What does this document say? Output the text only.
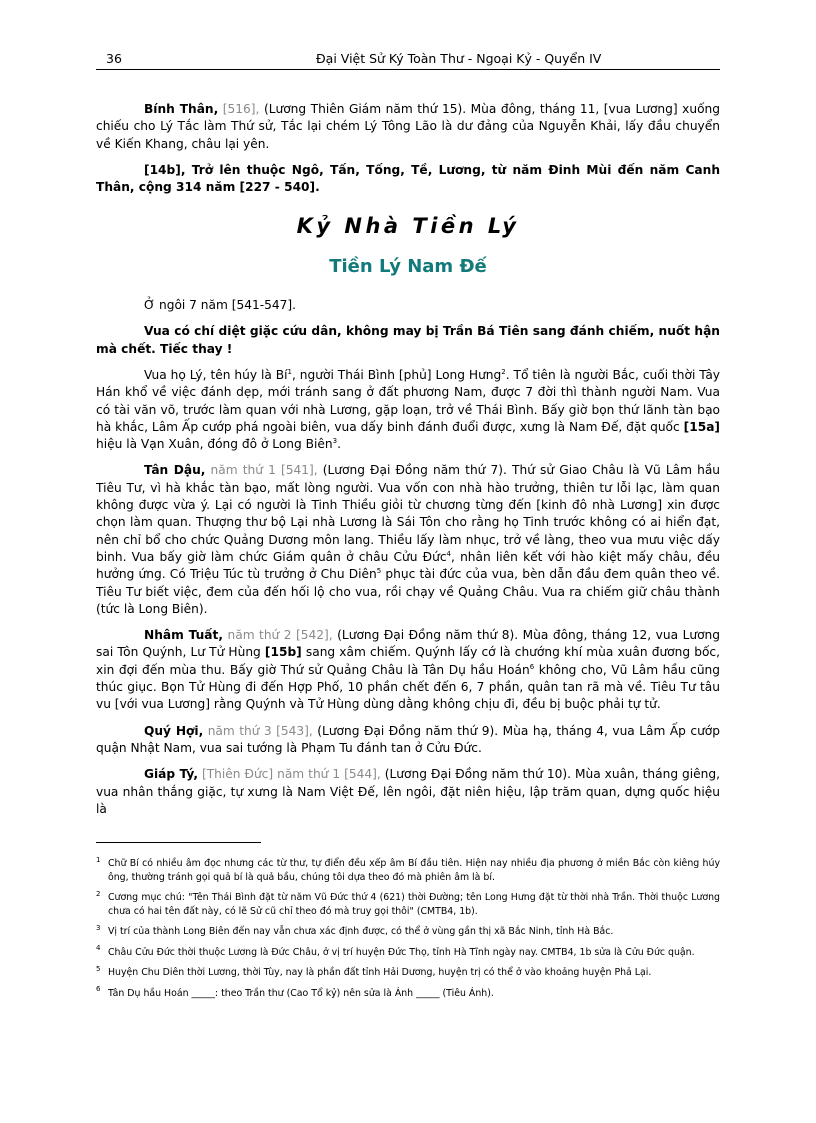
36	Đại Việt Sử Ký Toàn Thư - Ngoại Kỷ - Quyển IV

Bính Thân, [516], (Lương Thiên Giám năm thứ 15). Mùa đông, tháng 11, [vua Lương] xuống chiếu cho Lý Tắc làm Thứ sử, Tắc lại chém Lý Tông Lão là dư đảng của Nguyễn Khải, lấy đầu chuyển về Kiến Khang, châu lại yên.

[14b], Trở lên thuộc Ngô, Tấn, Tống, Tề, Lương, từ năm Đinh Mùi đến năm Canh Thân, cộng 314 năm [227 - 540].

Kỷ Nhà Tiền Lý
Tiền Lý Nam Đế

Ở ngôi 7 năm [541-547].

Vua có chí diệt giặc cứu dân, không may bị Trần Bá Tiên sang đánh chiếm, nuốt hận mà chết. Tiếc thay !

Vua họ Lý, tên húy là $Bí^1$, người Thái Bình [phủ] Long Hưng$^2$. Tổ tiên là người Bắc, cuối thời Tây Hán khổ về việc đánh dẹp, mới tránh sang ở đất phương Nam, được 7 đời thì thành người Nam. Vua có tài văn võ, trước làm quan với nhà Lương, gặp loạn, trở về Thái Bình. Bấy giờ bọn thứ lãnh tàn bạo hà khắc, Lâm Ấp cướp phá ngoài biên, vua dấy binh đánh đuổi được, xưng là Nam Đế, đặt quốc [15a] hiệu là Vạn Xuân, đóng đô ở Long Biên$^3$.

Tân Dậu, năm thứ 1 [541], (Lương Đại Đồng năm thứ 7). Thứ sử Giao Châu là Vũ Lâm hầu Tiêu Tư, vì hà khắc tàn bạo, mất lòng người. Vua vốn con nhà hào trưởng, thiên tư lỗi lạc, làm quan không được vừa ý. Lại có người là Tinh Thiều giỏi từ chương từng đến [kinh đô nhà Lương] xin được chọn làm quan. Thượng thư bộ Lại nhà Lương là Sái Tôn cho rằng họ Tinh trước không có ai hiển đạt, nên chỉ bổ cho chức Quảng Dương môn lang. Thiều lấy làm nhục, trở về làng, theo vua mưu việc dấy binh. Vua bấy giờ làm chức Giám quân ở châu Cửu Đức$^4$, nhân liên kết với hào kiệt mấy châu, đều hưởng ứng. Có Triệu Túc tù trưởng ở Chu Diên$^5$ phục tài đức của vua, bèn dẫn đầu đem quân theo về. Tiêu Tư biết việc, đem của đến hối lộ cho vua, rồi chạy về Quảng Châu. Vua ra chiếm giữ châu thành (tức là Long Biên).

Nhâm Tuất, năm thứ 2 [542], (Lương Đại Đồng năm thứ 8). Mùa đông, tháng 12, vua Lương sai Tôn Quýnh, Lư Tử Hùng [15b] sang xâm chiếm. Quýnh lấy cớ là chướng khí mùa xuân đương bốc, xin đợi đến mùa thu. Bấy giờ Thứ sử Quảng Châu là Tân Dụ hầu Hoán$^6$ không cho, Vũ Lâm hầu cũng thúc giục. Bọn Tử Hùng đi đến Hợp Phố, 10 phần chết đến 6, 7 phần, quân tan rã mà về. Tiêu Tư tâu vu [với vua Lương] rằng Quýnh và Tử Hùng dùng dằng không chịu đi, đều bị buộc phải tự tử.

Quý Hợi, năm thứ 3 [543], (Lương Đại Đồng năm thứ 9). Mùa hạ, tháng 4, vua Lâm Ấp cướp quận Nhật Nam, vua sai tướng là Phạm Tu đánh tan ở Cửu Đức.

Giáp Tý, [Thiên Đức] năm thứ 1 [544], (Lương Đại Đồng năm thứ 10). Mùa xuân, tháng giêng, vua nhân thắng giặc, tự xưng là Nam Việt Đế, lên ngôi, đặt niên hiệu, lập trăm quan, dựng quốc hiệu là

1 Chữ Bí có nhiều âm đọc nhưng các từ thư, tự điển đều xếp âm Bí đầu tiên. Hiện nay nhiều địa phương ở miền Bắc còn kiêng húy ông, thường tránh gọi quả bí là quả bầu, chúng tôi dựa theo đó mà phiên âm là bí.
2 Cương mục chú: "Tên Thái Bình đặt từ năm Vũ Đức thứ 4 (621) thời Đường; tên Long Hưng đặt từ thời nhà Trần. Thời thuộc Lương chưa có hai tên đất này, có lẽ Sử cũ chỉ theo đó mà truy gọi thôi" (CMTB4, 1b).
3 Vị trí của thành Long Biên đến nay vẫn chưa xác định được, có thể ở vùng gần thị xã Bắc Ninh, tỉnh Hà Bắc.
4 Châu Cửu Đức thời thuộc Lương là Đức Châu, ở vị trí huyện Đức Thọ, tỉnh Hà Tĩnh ngày nay. CMTB4, 1b sửa là Cửu Đức quận.
5 Huyện Chu Diên thời Lương, thời Tùy, nay là phần đất tỉnh Hải Dương, huyện trị có thể ở vào khoảng huyện Phả Lại.
6 Tân Dụ hầu Hoán _____: theo Trần thư (Cao Tổ kỷ) nên sửa là Ánh _____ (Tiêu Ánh).
